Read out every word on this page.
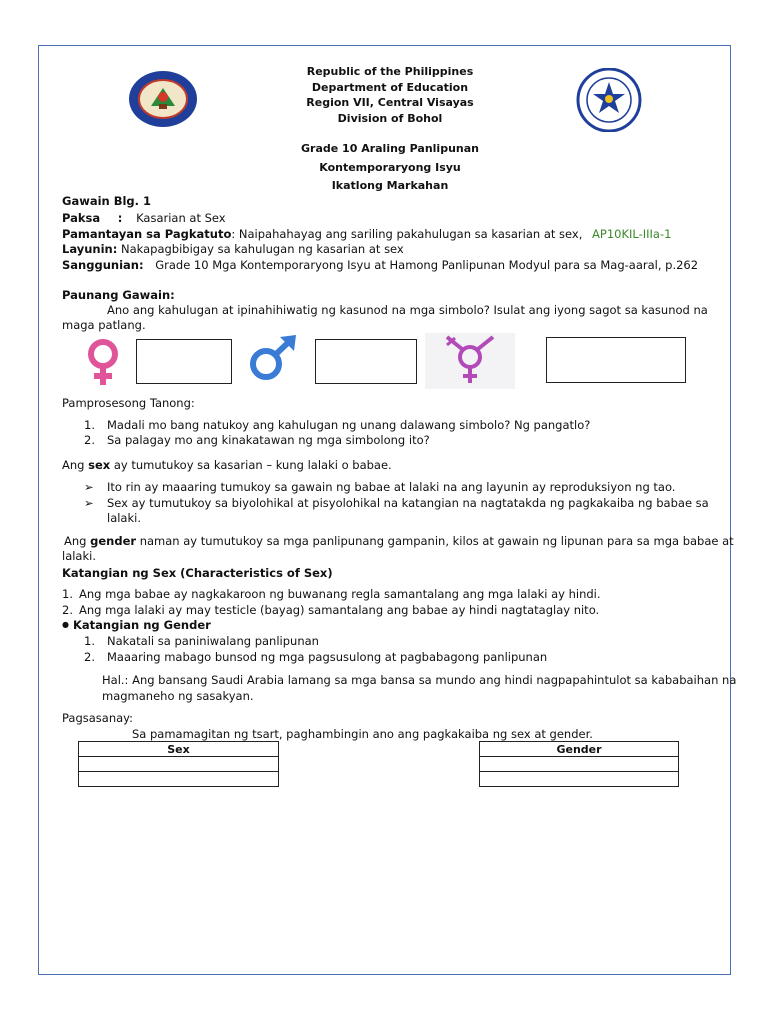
Republic of the Philippines
Department of Education
Region VII, Central Visayas
Division of Bohol
Grade 10 Araling Panlipunan
Kontemporaryong Isyu
Ikatlong Markahan
Gawain Blg. 1
Paksa : Kasarian at Sex
Pamantayan sa Pagkatuto: Naipahahayag ang sariling pakahulugan sa kasarian at sex, AP10KIL-IIIa-1
Layunin: Nakapagbibigay sa kahulugan ng kasarian at sex
Sanggunian: Grade 10 Mga Kontemporaryong Isyu at Hamong Panlipunan Modyul para sa Mag-aaral, p.262
Paunang Gawain:
Ano ang kahulugan at ipinahihiwatig ng kasunod na mga simbolo? Isulat ang iyong sagot sa kasunod na
maga patlang.
Pamprosesong Tanong:
1. Madali mo bang natukoy ang kahulugan ng unang dalawang simbolo? Ng pangatlo?
2. Sa palagay mo ang kinakatawan ng mga simbolong ito?
Ang sex ay tumutukoy sa kasarian – kung lalaki o babae.
➢ Ito rin ay maaaring tumukoy sa gawain ng babae at lalaki na ang layunin ay reproduksiyon ng tao.
➢ Sex ay tumutukoy sa biyolohikal at pisyolohikal na katangian na nagtatakda ng pagkakaiba ng babae sa
lalaki.
Ang gender naman ay tumutukoy sa mga panlipunang gampanin, kilos at gawain ng lipunan para sa mga babae at
lalaki.
Katangian ng Sex (Characteristics of Sex)
1. Ang mga babae ay nagkakaroon ng buwanang regla samantalang ang mga lalaki ay hindi.
2. Ang mga lalaki ay may testicle (bayag) samantalang ang babae ay hindi nagtataglay nito.
● Katangian ng Gender
1. Nakatali sa paniniwalang panlipunan
2. Maaaring mabago bunsod ng mga pagsusulong at pagbabagong panlipunan
Hal.: Ang bansang Saudi Arabia lamang sa mga bansa sa mundo ang hindi nagpapahintulot sa kababaihan na
magmaneho ng sasakyan.
Pagsasanay:
Sa pamamagitan ng tsart, paghambingin ano ang pagkakaiba ng sex at gender.
Sex	Gender
